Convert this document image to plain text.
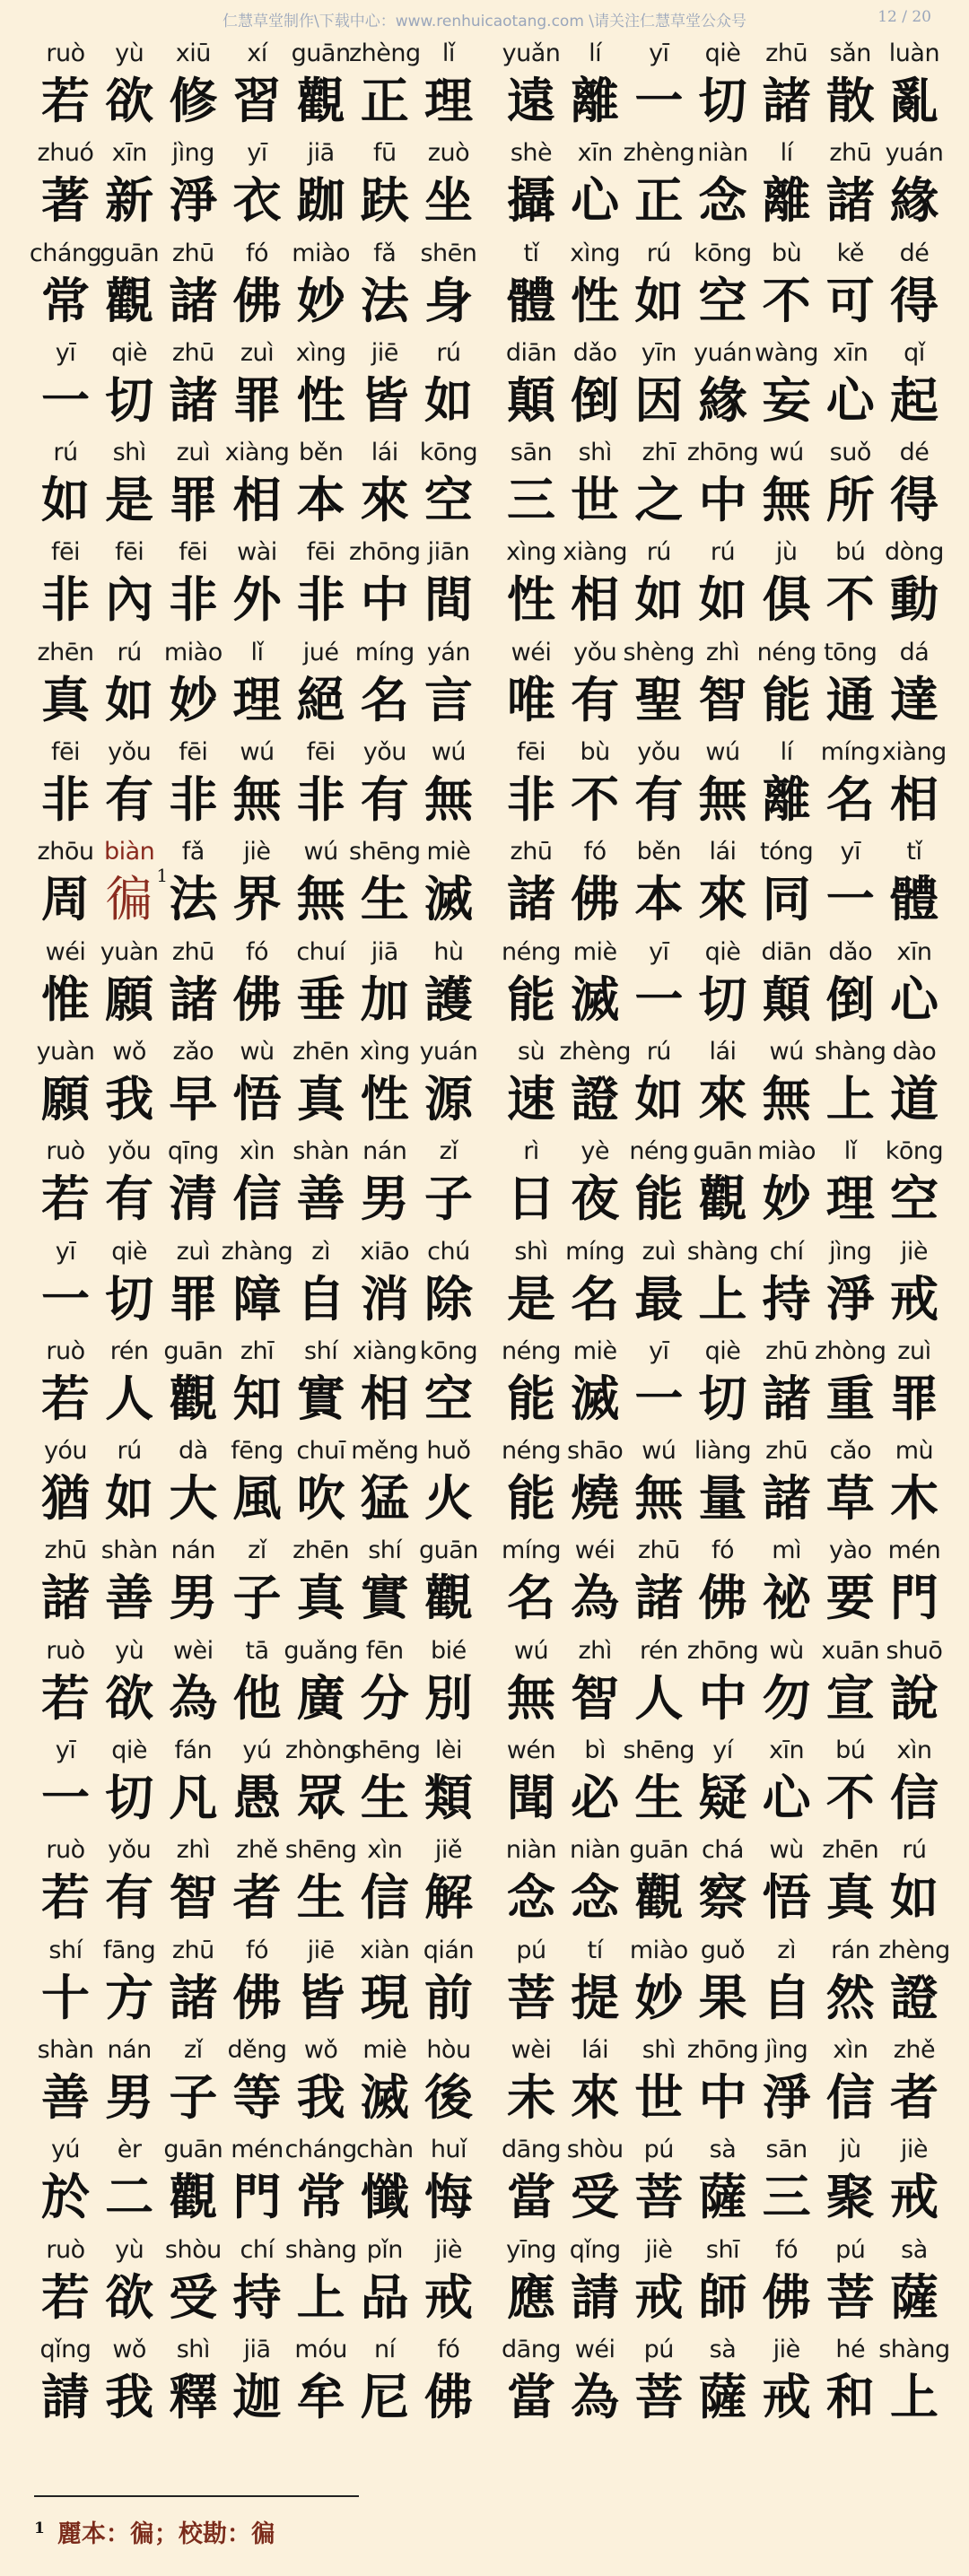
仁慧草堂制作\下载中心：www.renhuicaotang.com \请关注仁慧草堂公众号	12 / 20
ruò
若
yù
欲
xiū
修
xí
習
guān
觀
zhèng
正
lǐ
理
zhuó
著
xīn
新
jìng
淨
yī
衣
jiā
跏
fū
趺
zuò
坐
cháng
常
guān
觀
zhū
諸
fó
佛
miào
妙
fǎ
法
shēn
身
yī
一
qiè
切
zhū
諸
zuì
罪
xìng
性
jiē
皆
rú
如
rú
如
shì
是
zuì
罪
xiàng
相
běn
本
lái
來
kōng
空
fēi
非
fēi
內
fēi
非
wài
外
fēi
非
zhōng
中
jiān
間
zhēn
真
rú
如
miào
妙
lǐ
理
jué
絕
míng
名
yán
言
fēi
非
yǒu
有
fēi
非
wú
無
fēi
非
yǒu
有
wú
無
zhōu
周
biàn
徧 1
fǎ
法
jiè
界
wú
無
shēng
生
miè
滅
wéi
惟
yuàn
願
zhū
諸
fó
佛
chuí
垂
jiā
加
hù
護
yuàn
願
wǒ
我
zǎo
早
wù
悟
zhēn
真
xìng
性
yuán
源
ruò
若
yǒu
有
qīng
清
xìn
信
shàn
善
nán
男
zǐ
子
yī
一
qiè
切
zuì
罪
zhàng
障
zì
自
xiāo
消
chú
除
ruò
若
rén
人
guān
觀
zhī
知
shí
實
xiàng
相
kōng
空
yóu
猶
rú
如
dà
大
fēng
風
chuī
吹
měng
猛
huǒ
火
zhū
諸
shàn
善
nán
男
zǐ
子
zhēn
真
shí
實
guān
觀
ruò
若
yù
欲
wèi
為
tā
他
guǎng
廣
fēn
分
bié
別
yī
一
qiè
切
fán
凡
yú
愚
zhòng
眾
shēng
生
lèi
類
ruò
若
yǒu
有
zhì
智
zhě
者
shēng
生
xìn
信
jiě
解
shí
十
fāng
方
zhū
諸
fó
佛
jiē
皆
xiàn
現
qián
前
shàn
善
nán
男
zǐ
子
děng
等
wǒ
我
miè
滅
hòu
後
yú
於
èr
二
guān
觀
mén
門
cháng
常
chàn
懺
huǐ
悔
ruò
若
yù
欲
shòu
受
chí
持
shàng
上
pǐn
品
jiè
戒
qǐng
請
wǒ
我
shì
釋
jiā
迦
móu
牟
ní
尼
fó
佛
yuǎn
遠
lí
離
yī
一
qiè
切
zhū
諸
sǎn
散
luàn
亂
shè
攝
xīn
心
zhèng
正
niàn
念
lí
離
zhū
諸
yuán
緣
tǐ
體
xìng
性
rú
如
kōng
空
bù
不
kě
可
dé
得
diān
顛
dǎo
倒
yīn
因
yuán
緣
wàng
妄
xīn
心
qǐ
起
sān
三
shì
世
zhī
之
zhōng
中
wú
無
suǒ
所
dé
得
xìng
性
xiàng
相
rú
如
rú
如
jù
俱
bú
不
dòng
動
wéi
唯
yǒu
有
shèng
聖
zhì
智
néng
能
tōng
通
dá
達
fēi
非
bù
不
yǒu
有
wú
無
lí
離
míng
名
xiàng
相
zhū
諸
fó
佛
běn
本
lái
來
tóng
同
yī
一
tǐ
體
néng
能
miè
滅
yī
一
qiè
切
diān
顛
dǎo
倒
xīn
心
sù
速
zhèng
證
rú
如
lái
來
wú
無
shàng
上
dào
道
rì
日
yè
夜
néng
能
guān
觀
miào
妙
lǐ
理
kōng
空
shì
是
míng
名
zuì
最
shàng
上
chí
持
jìng
淨
jiè
戒
néng
能
miè
滅
yī
一
qiè
切
zhū
諸
zhòng
重
zuì
罪
néng
能
shāo
燒
wú
無
liàng
量
zhū
諸
cǎo
草
mù
木
míng
名
wéi
為
zhū
諸
fó
佛
mì
祕
yào
要
mén
門
wú
無
zhì
智
rén
人
zhōng
中
wù
勿
xuān
宣
shuō
說
wén
聞
bì
必
shēng
生
yí
疑
xīn
心
bú
不
xìn
信
niàn
念
niàn
念
guān
觀
chá
察
wù
悟
zhēn
真
rú
如
pú
菩
tí
提
miào
妙
guǒ
果
zì
自
rán
然
zhèng
證
wèi
未
lái
來
shì
世
zhōng
中
jìng
淨
xìn
信
zhě
者
dāng
當
shòu
受
pú
菩
sà
薩
sān
三
jù
聚
jiè
戒
yīng
應
qǐng
請
jiè
戒
shī
師
fó
佛
pú
菩
sà
薩
dāng
當
wéi
為
pú
菩
sà
薩
jiè
戒
hé
和
shàng
上
$^1$ 麗本：徧；校勘：徧
